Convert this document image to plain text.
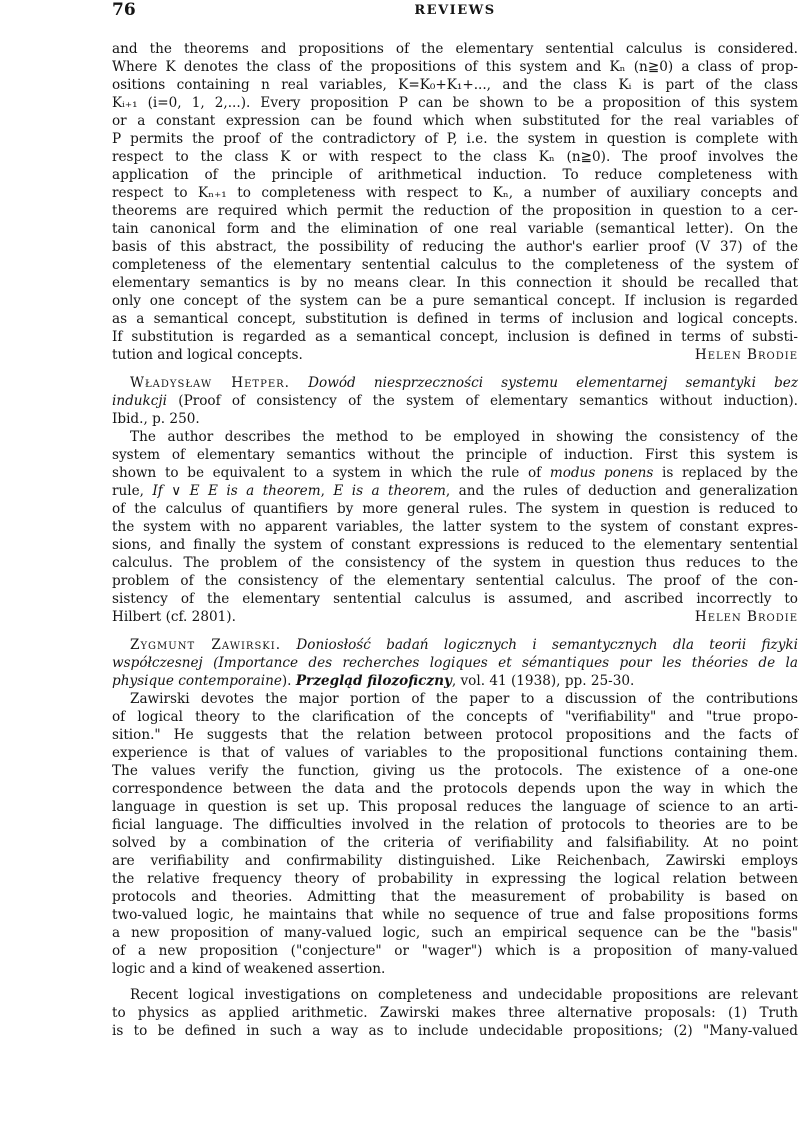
76	REVIEWS
and the theorems and propositions of the elementary sentential calculus is considered.
Where K denotes the class of the propositions of this system and Kₙ (n≧0) a class of prop-
ositions containing n real variables, K=K₀+K₁+..., and the class Kᵢ is part of the class
Kᵢ₊₁ (i=0, 1, 2,...). Every proposition P can be shown to be a proposition of this system
or a constant expression can be found which when substituted for the real variables of
P permits the proof of the contradictory of P, i.e. the system in question is complete with
respect to the class K or with respect to the class Kₙ (n≧0). The proof involves the
application of the principle of arithmetical induction. To reduce completeness with
respect to Kₙ₊₁ to completeness with respect to Kₙ, a number of auxiliary concepts and
theorems are required which permit the reduction of the proposition in question to a cer-
tain canonical form and the elimination of one real variable (semantical letter). On the
basis of this abstract, the possibility of reducing the author's earlier proof (V 37) of the
completeness of the elementary sentential calculus to the completeness of the system of
elementary semantics is by no means clear. In this connection it should be recalled that
only one concept of the system can be a pure semantical concept. If inclusion is regarded
as a semantical concept, substitution is defined in terms of inclusion and logical concepts.
If substitution is regarded as a semantical concept, inclusion is defined in terms of substi-
tution and logical concepts.	Helen Brodie
Władysław Hetper. Dowód niesprzeczności systemu elementarnej semantyki bez
indukcji (Proof of consistency of the system of elementary semantics without induction).
Ibid., p. 250.
The author describes the method to be employed in showing the consistency of the
system of elementary semantics without the principle of induction. First this system is
shown to be equivalent to a system in which the rule of modus ponens is replaced by the
rule, If ∨ E E is a theorem, E is a theorem, and the rules of deduction and generalization
of the calculus of quantifiers by more general rules. The system in question is reduced to
the system with no apparent variables, the latter system to the system of constant expres-
sions, and finally the system of constant expressions is reduced to the elementary sentential
calculus. The problem of the consistency of the system in question thus reduces to the
problem of the consistency of the elementary sentential calculus. The proof of the con-
sistency of the elementary sentential calculus is assumed, and ascribed incorrectly to
Hilbert (cf. 2801).	Helen Brodie
Zygmunt Zawirski. Doniosłość badań logicznych i semantycznych dla teorii fizyki
współczesnej (Importance des recherches logiques et sémantiques pour les théories de la
physique contemporaine). Przegląd filozoficzny, vol. 41 (1938), pp. 25-30.
Zawirski devotes the major portion of the paper to a discussion of the contributions
of logical theory to the clarification of the concepts of "verifiability" and "true propo-
sition." He suggests that the relation between protocol propositions and the facts of
experience is that of values of variables to the propositional functions containing them.
The values verify the function, giving us the protocols. The existence of a one-one
correspondence between the data and the protocols depends upon the way in which the
language in question is set up. This proposal reduces the language of science to an arti-
ficial language. The difficulties involved in the relation of protocols to theories are to be
solved by a combination of the criteria of verifiability and falsifiability. At no point
are verifiability and confirmability distinguished. Like Reichenbach, Zawirski employs
the relative frequency theory of probability in expressing the logical relation between
protocols and theories. Admitting that the measurement of probability is based on
two-valued logic, he maintains that while no sequence of true and false propositions forms
a new proposition of many-valued logic, such an empirical sequence can be the "basis"
of a new proposition ("conjecture" or "wager") which is a proposition of many-valued
logic and a kind of weakened assertion.
Recent logical investigations on completeness and undecidable propositions are relevant
to physics as applied arithmetic. Zawirski makes three alternative proposals: (1) Truth
is to be defined in such a way as to include undecidable propositions; (2) "Many-valued
